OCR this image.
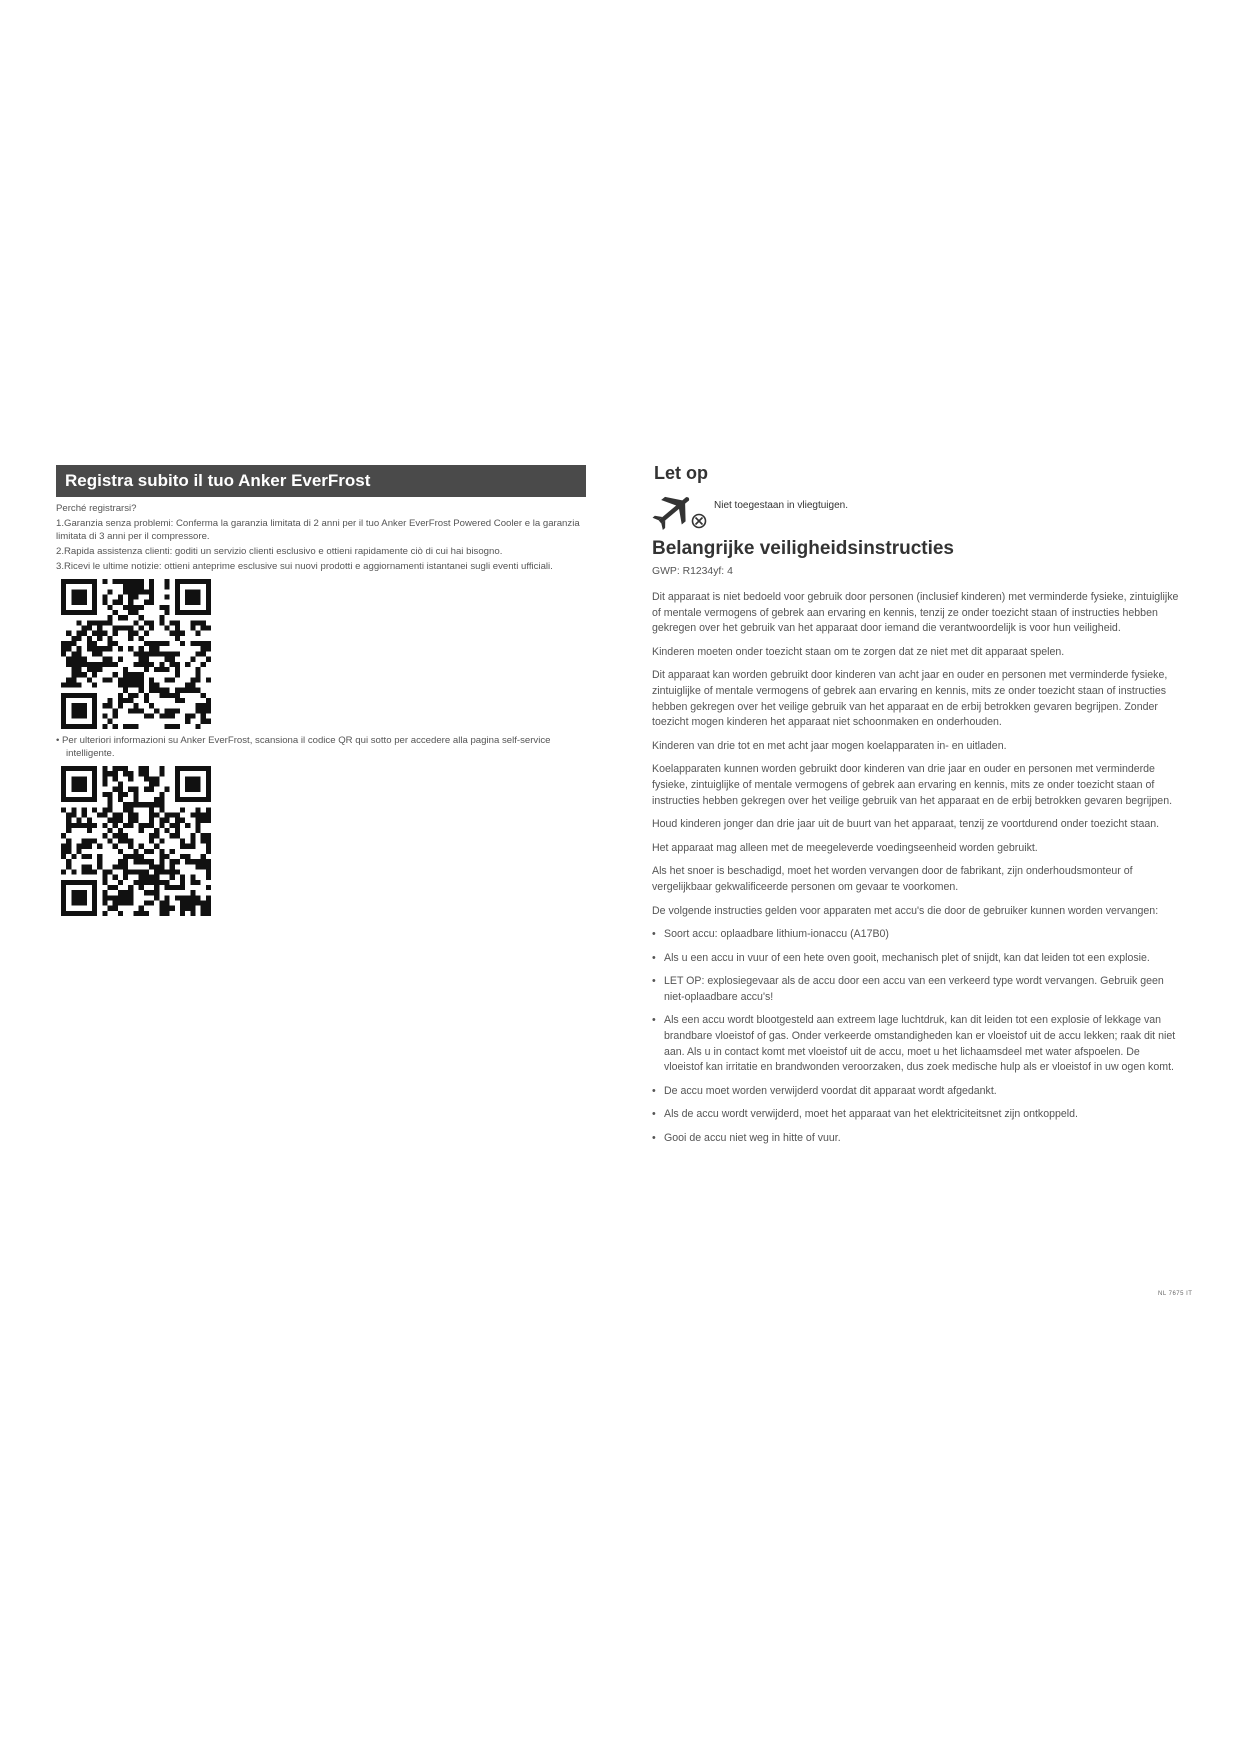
Registra subito il tuo Anker EverFrost

Perché registrarsi?

1.Garanzia senza problemi: Conferma la garanzia limitata di 2 anni per il tuo Anker EverFrost Powered Cooler e la garanzia limitata di 3 anni per il compressore.

2.Rapida assistenza clienti: goditi un servizio clienti esclusivo e ottieni rapidamente ciò di cui hai bisogno.

3.Ricevi le ultime notizie: ottieni anteprime esclusive sui nuovi prodotti e aggiornamenti istantanei sugli eventi ufficiali.

• Per ulteriori informazioni su Anker EverFrost, scansiona il codice QR qui sotto per accedere alla pagina self-service intelligente.
Let op
Niet toegestaan in vliegtuigen.
Belangrijke veiligheidsinstructies
GWP: R1234yf: 4

Dit apparaat is niet bedoeld voor gebruik door personen (inclusief kinderen) met verminderde fysieke, zintuiglijke of mentale vermogens of gebrek aan ervaring en kennis, tenzij ze onder toezicht staan of instructies hebben gekregen over het gebruik van het apparaat door iemand die verantwoordelijk is voor hun veiligheid.

Kinderen moeten onder toezicht staan om te zorgen dat ze niet met dit apparaat spelen.

Dit apparaat kan worden gebruikt door kinderen van acht jaar en ouder en personen met verminderde fysieke, zintuiglijke of mentale vermogens of gebrek aan ervaring en kennis, mits ze onder toezicht staan of instructies hebben gekregen over het veilige gebruik van het apparaat en de erbij betrokken gevaren begrijpen. Zonder toezicht mogen kinderen het apparaat niet schoonmaken en onderhouden.

Kinderen van drie tot en met acht jaar mogen koelapparaten in- en uitladen.

Koelapparaten kunnen worden gebruikt door kinderen van drie jaar en ouder en personen met verminderde fysieke, zintuiglijke of mentale vermogens of gebrek aan ervaring en kennis, mits ze onder toezicht staan of instructies hebben gekregen over het veilige gebruik van het apparaat en de erbij betrokken gevaren begrijpen.

Houd kinderen jonger dan drie jaar uit de buurt van het apparaat, tenzij ze voortdurend onder toezicht staan.

Het apparaat mag alleen met de meegeleverde voedingseenheid worden gebruikt.

Als het snoer is beschadigd, moet het worden vervangen door de fabrikant, zijn onderhoudsmonteur of vergelijkbaar gekwalificeerde personen om gevaar te voorkomen.

De volgende instructies gelden voor apparaten met accu's die door de gebruiker kunnen worden vervangen:

• Soort accu: oplaadbare lithium-ionaccu (A17B0)
• Als u een accu in vuur of een hete oven gooit, mechanisch plet of snijdt, kan dat leiden tot een explosie.
• LET OP: explosiegevaar als de accu door een accu van een verkeerd type wordt vervangen. Gebruik geen niet-oplaadbare accu's!
• Als een accu wordt blootgesteld aan extreem lage luchtdruk, kan dit leiden tot een explosie of lekkage van brandbare vloeistof of gas. Onder verkeerde omstandigheden kan er vloeistof uit de accu lekken; raak dit niet aan. Als u in contact komt met vloeistof uit de accu, moet u het lichaamsdeel met water afspoelen. De vloeistof kan irritatie en brandwonden veroorzaken, dus zoek medische hulp als er vloeistof in uw ogen komt.
• De accu moet worden verwijderd voordat dit apparaat wordt afgedankt.
• Als de accu wordt verwijderd, moet het apparaat van het elektriciteitsnet zijn ontkoppeld.
• Gooi de accu niet weg in hitte of vuur.
NL 7675 IT
